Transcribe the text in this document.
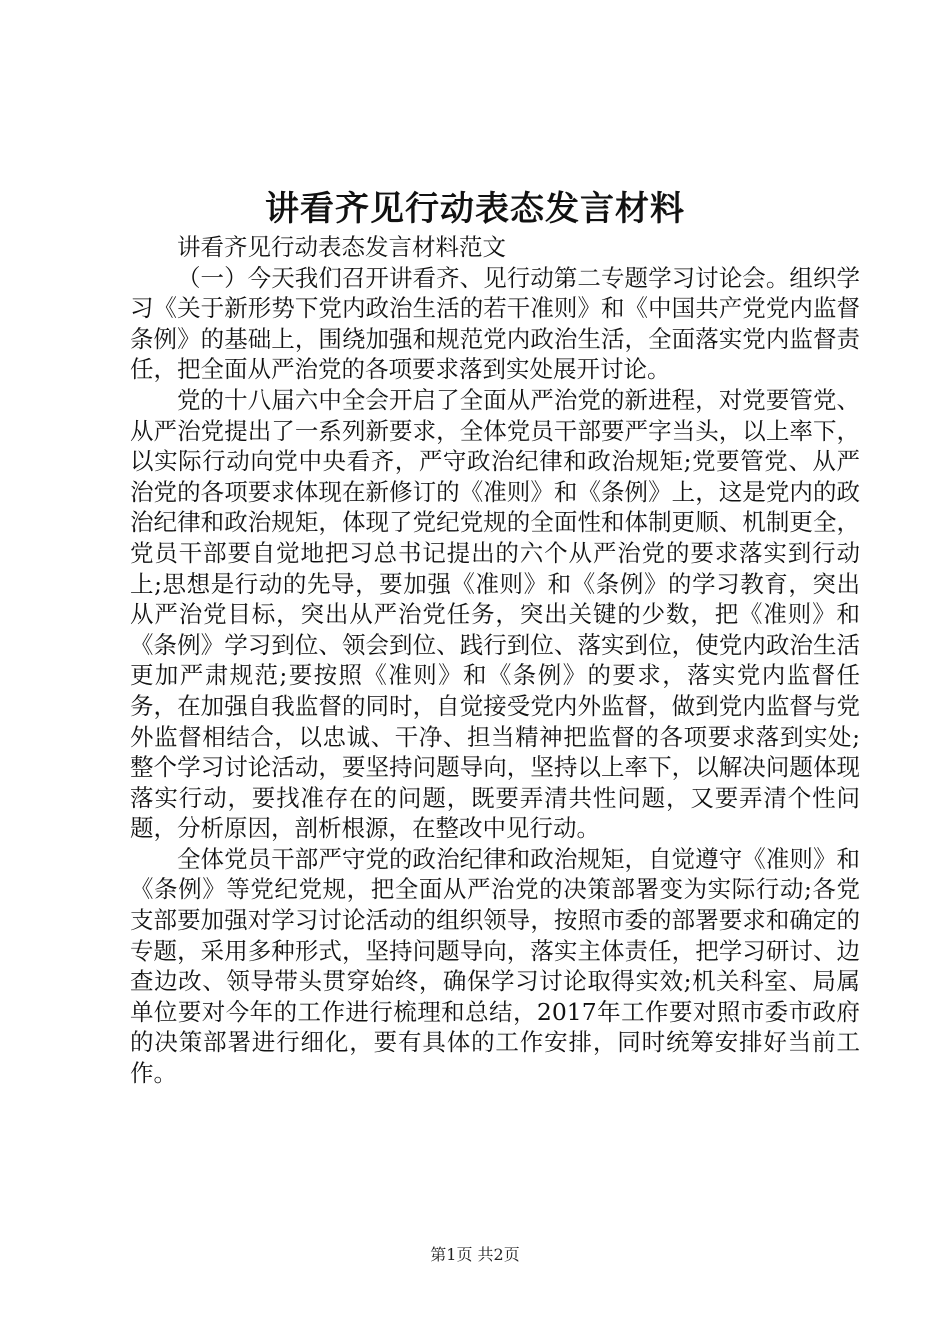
讲看齐见行动表态发言材料

讲看齐见行动表态发言材料范文

（一）今天我们召开讲看齐、见行动第二专题学习讨论会。组织学习《关于新形势下党内政治生活的若干准则》和《中国共产党党内监督条例》的基础上，围绕加强和规范党内政治生活，全面落实党内监督责任，把全面从严治党的各项要求落到实处展开讨论。

党的十八届六中全会开启了全面从严治党的新进程，对党要管党、从严治党提出了一系列新要求，全体党员干部要严字当头，以上率下，以实际行动向党中央看齐，严守政治纪律和政治规矩;党要管党、从严治党的各项要求体现在新修订的《准则》和《条例》上，这是党内的政治纪律和政治规矩，体现了党纪党规的全面性和体制更顺、机制更全，党员干部要自觉地把习总书记提出的六个从严治党的要求落实到行动上;思想是行动的先导，要加强《准则》和《条例》的学习教育，突出从严治党目标，突出从严治党任务，突出关键的少数，把《准则》和《条例》学习到位、领会到位、践行到位、落实到位，使党内政治生活更加严肃规范;要按照《准则》和《条例》的要求，落实党内监督任务，在加强自我监督的同时，自觉接受党内外监督，做到党内监督与党外监督相结合，以忠诚、干净、担当精神把监督的各项要求落到实处;整个学习讨论活动，要坚持问题导向，坚持以上率下，以解决问题体现落实行动，要找准存在的问题，既要弄清共性问题，又要弄清个性问题，分析原因，剖析根源，在整改中见行动。

全体党员干部严守党的政治纪律和政治规矩，自觉遵守《准则》和《条例》等党纪党规，把全面从严治党的决策部署变为实际行动;各党支部要加强对学习讨论活动的组织领导，按照市委的部署要求和确定的专题，采用多种形式，坚持问题导向，落实主体责任，把学习研讨、边查边改、领导带头贯穿始终，确保学习讨论取得实效;机关科室、局属单位要对今年的工作进行梳理和总结，2017年工作要对照市委市政府的决策部署进行细化，要有具体的工作安排，同时统筹安排好当前工作。

第1页 共2页
